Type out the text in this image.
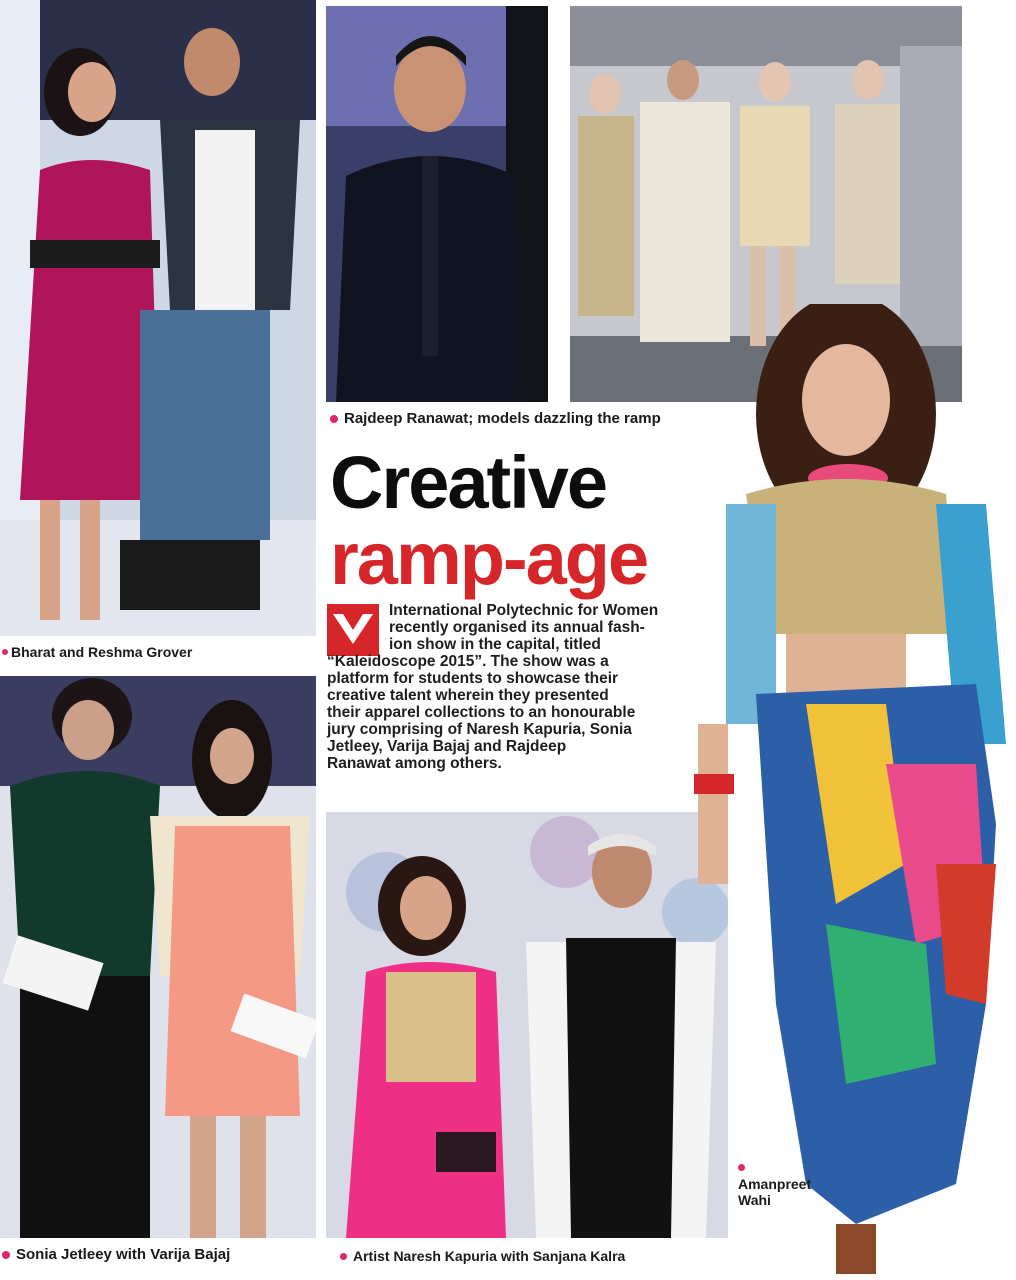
Bharat and Reshma Grover
Rajdeep Ranawat; models dazzling the ramp
Creative
ramp-age
International Polytechnic for Women
recently organised its annual fash-
ion show in the capital, titled
“Kaleidoscope 2015”. The show was a
platform for students to showcase their
creative talent wherein they presented
their apparel collections to an honourable
jury comprising of Naresh Kapuria, Sonia
Jetleey, Varija Bajaj and Rajdeep
Ranawat among others.
Sonia Jetleey with Varija Bajaj	Artist Naresh Kapuria with Sanjana Kalra

Amanpreet
Wahi
